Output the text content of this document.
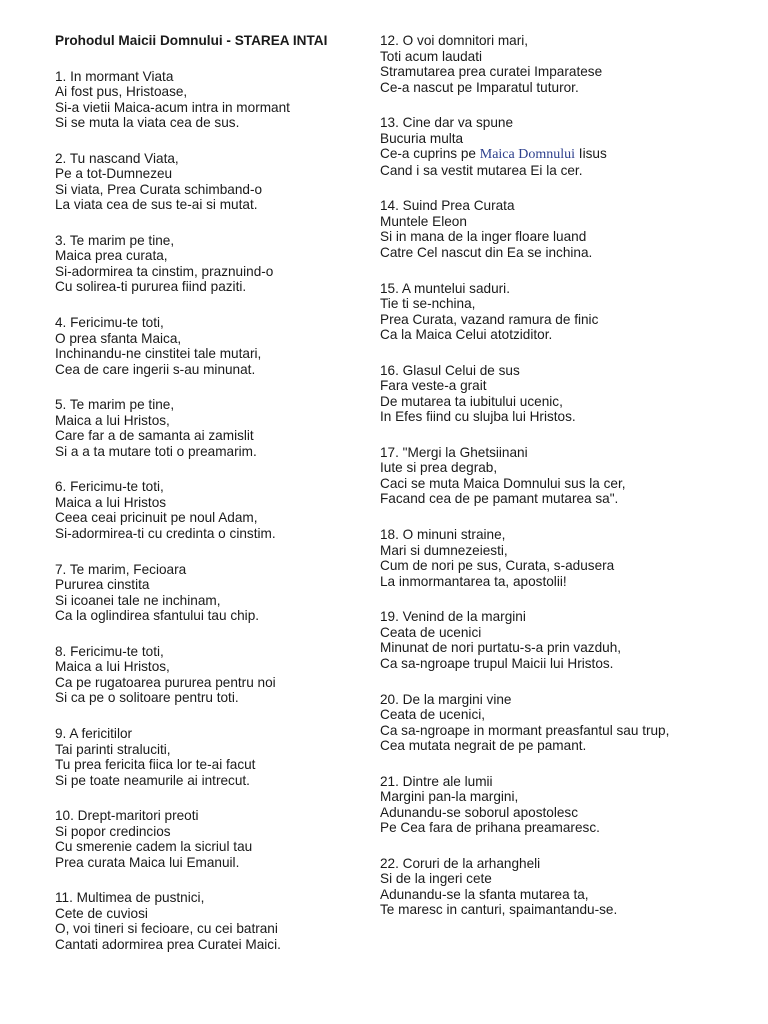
Prohodul Maicii Domnului - STAREA INTAI
1. In mormant Viata
Ai fost pus, Hristoase,
Si-a vietii Maica-acum intra in mormant
Si se muta la viata cea de sus.
2. Tu nascand Viata,
Pe a tot-Dumnezeu
Si viata, Prea Curata schimband-o
La viata cea de sus te-ai si mutat.
3. Te marim pe tine,
Maica prea curata,
Si-adormirea ta cinstim, praznuind-o
Cu solirea-ti pururea fiind paziti.
4. Fericimu-te toti,
O prea sfanta Maica,
Inchinandu-ne cinstitei tale mutari,
Cea de care ingerii s-au minunat.
5. Te marim pe tine,
Maica a lui Hristos,
Care far a de samanta ai zamislit
Si a a ta mutare toti o preamarim.
6. Fericimu-te toti,
Maica a lui Hristos
Ceea ceai pricinuit pe noul Adam,
Si-adormirea-ti cu credinta o cinstim.
7. Te marim, Fecioara
Pururea cinstita
Si icoanei tale ne inchinam,
Ca la oglindirea sfantului tau chip.
8. Fericimu-te toti,
Maica a lui Hristos,
Ca pe rugatoarea pururea pentru noi
Si ca pe o solitoare pentru toti.
9. A fericitilor
Tai parinti straluciti,
Tu prea fericita fiica lor te-ai facut
Si pe toate neamurile ai intrecut.
10. Drept-maritori preoti
Si popor credincios
Cu smerenie cadem la sicriul tau
Prea curata Maica lui Emanuil.
11. Multimea de pustnici,
Cete de cuviosi
O, voi tineri si fecioare, cu cei batrani
Cantati adormirea prea Curatei Maici.
12. O voi domnitori mari,
Toti acum laudati
Stramutarea prea curatei Imparatese
Ce-a nascut pe Imparatul tuturor.
13. Cine dar va spune
Bucuria multa
Ce-a cuprins pe Maica Domnului Iisus
Cand i sa vestit mutarea Ei la cer.
14. Suind Prea Curata
Muntele Eleon
Si in mana de la inger floare luand
Catre Cel nascut din Ea se inchina.
15. A muntelui saduri.
Tie ti se-nchina,
Prea Curata, vazand ramura de finic
Ca la Maica Celui atotziditor.
16. Glasul Celui de sus
Fara veste-a grait
De mutarea ta iubitului ucenic,
In Efes fiind cu slujba lui Hristos.
17. "Mergi la Ghetsiinani
Iute si prea degrab,
Caci se muta Maica Domnului sus la cer,
Facand cea de pe pamant mutarea sa".
18. O minuni straine,
Mari si dumnezeiesti,
Cum de nori pe sus, Curata, s-adusera
La inmormantarea ta, apostolii!
19. Venind de la margini
Ceata de ucenici
Minunat de nori purtatu-s-a prin vazduh,
Ca sa-ngroape trupul Maicii lui Hristos.
20. De la margini vine
Ceata de ucenici,
Ca sa-ngroape in mormant preasfantul sau trup,
Cea mutata negrait de pe pamant.
21. Dintre ale lumii
Margini pan-la margini,
Adunandu-se soborul apostolesc
Pe Cea fara de prihana preamaresc.
22. Coruri de la arhangheli
Si de la ingeri cete
Adunandu-se la sfanta mutarea ta,
Te maresc in canturi, spaimantandu-se.
